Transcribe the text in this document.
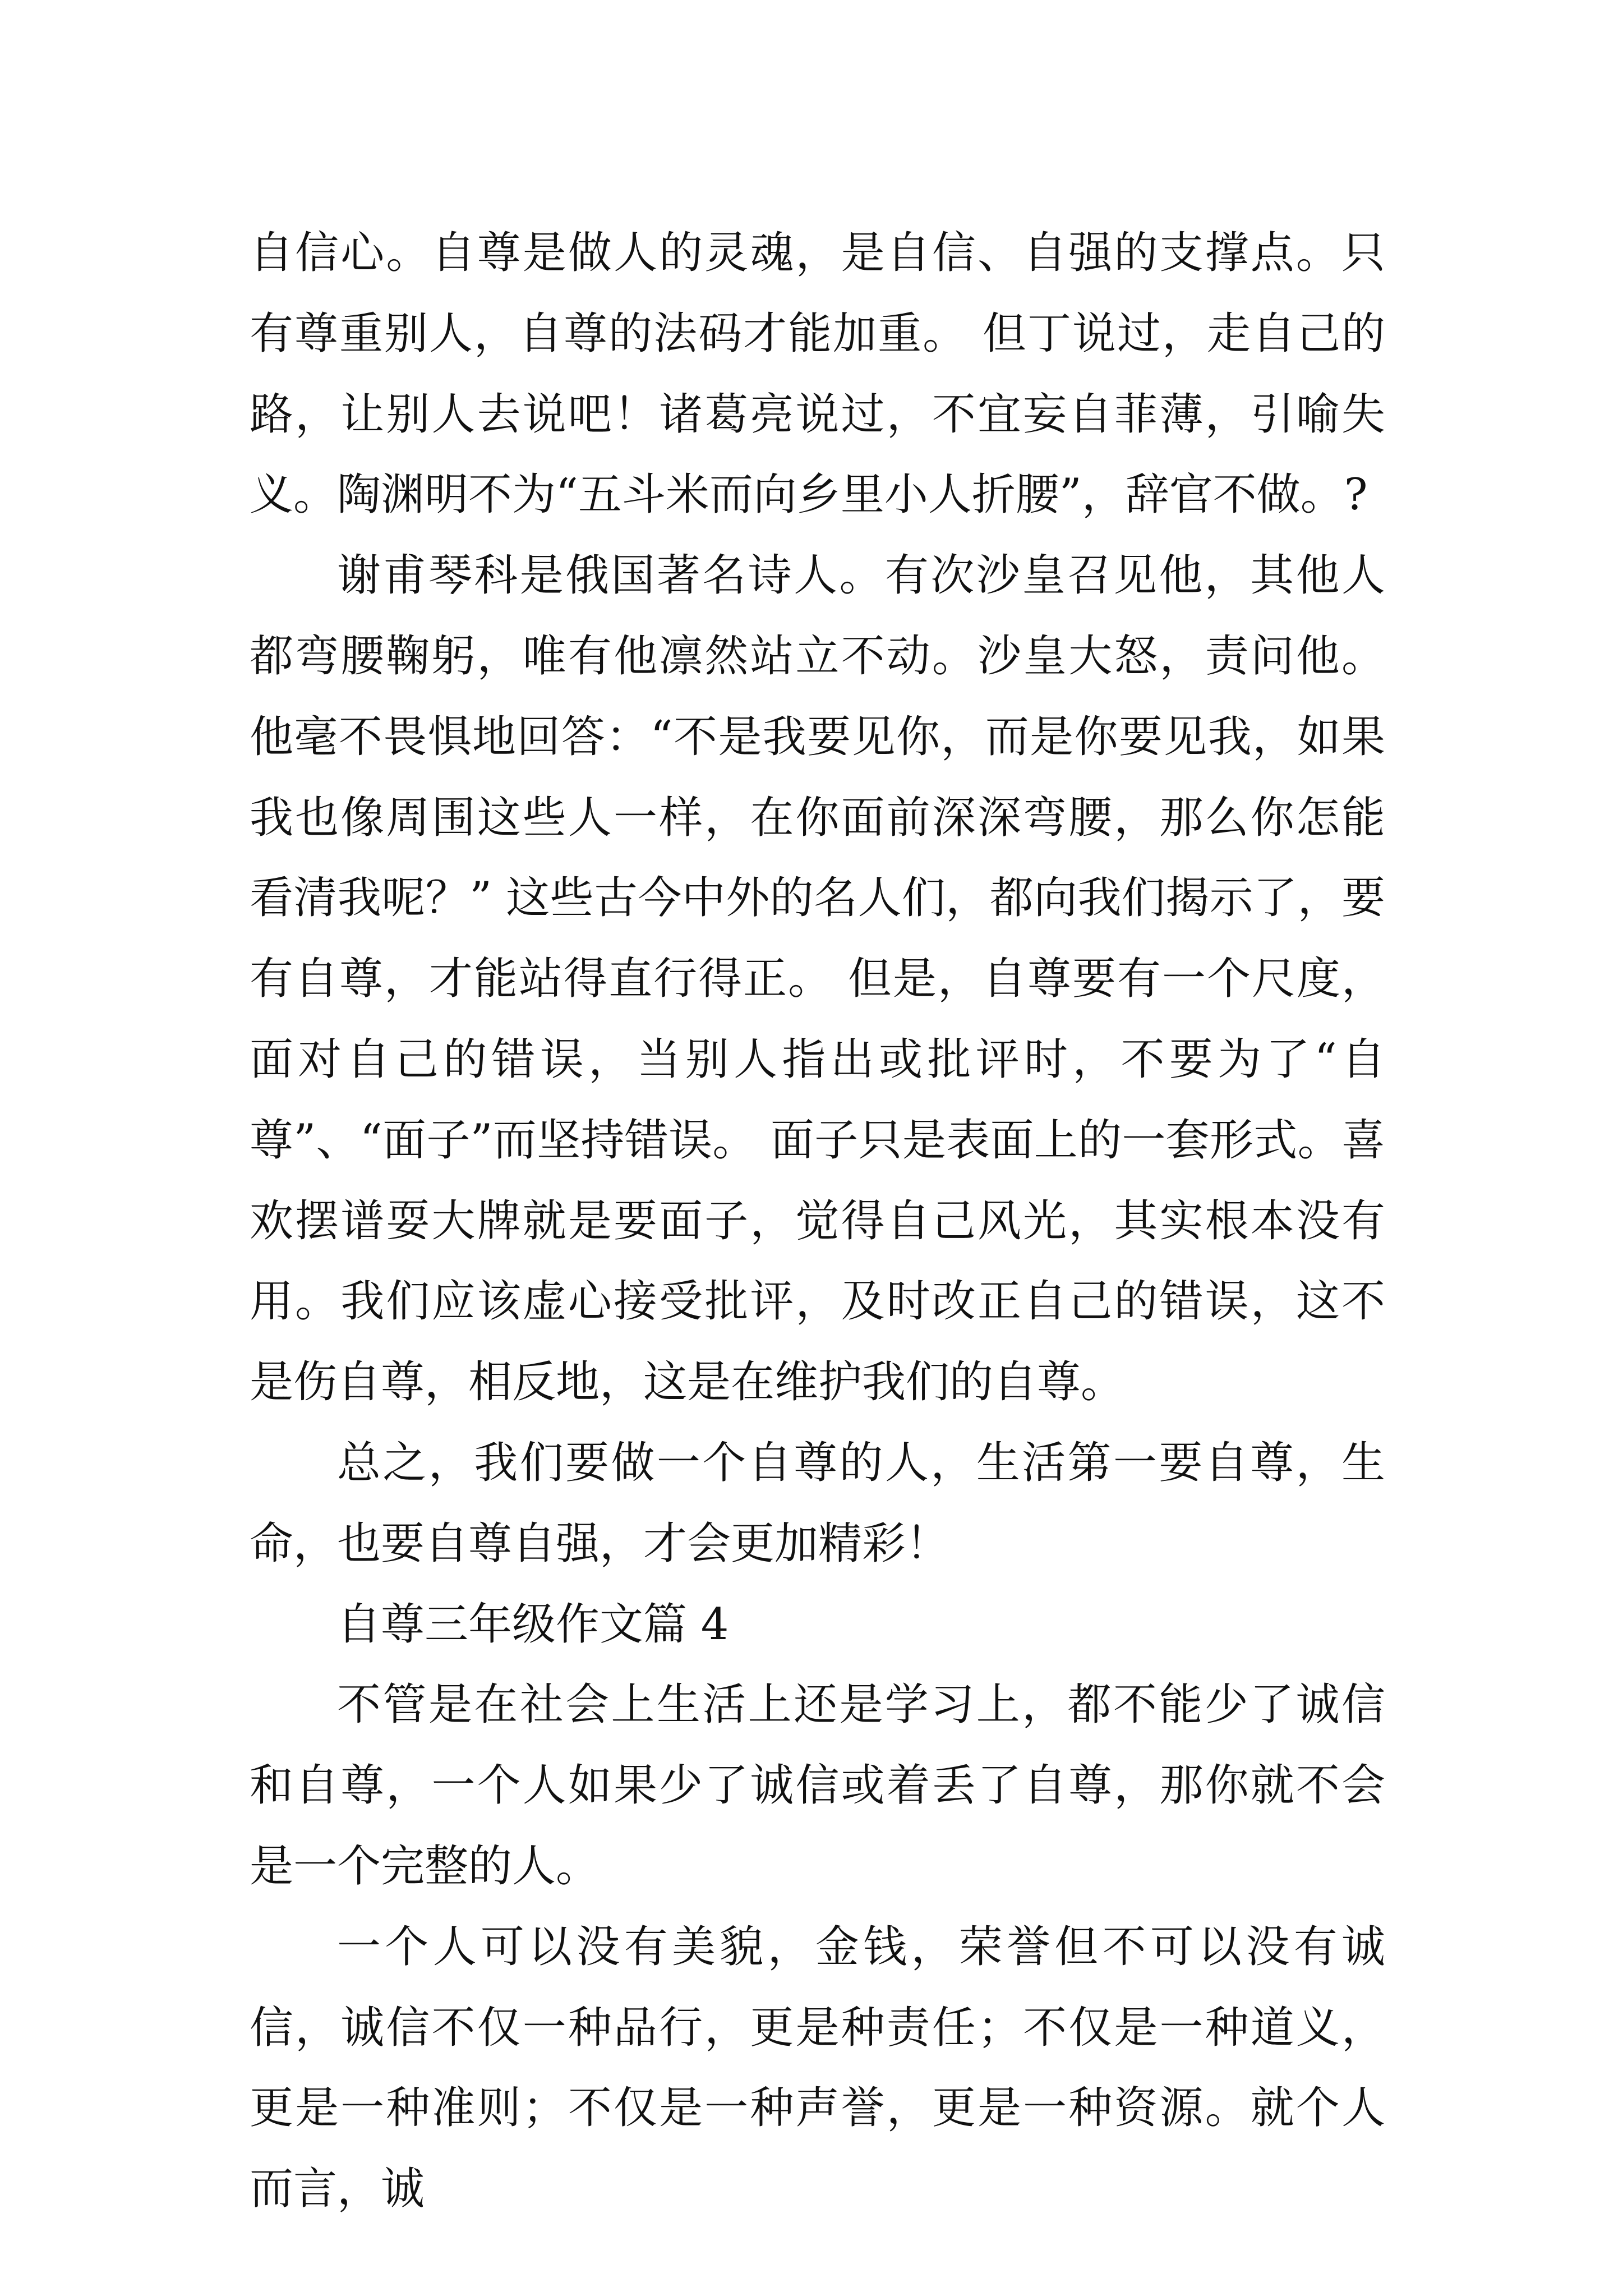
自信心。自尊是做人的灵魂，是自信、自强的支撑点。只有尊重别人，自尊的法码才能加重。 但丁说过，走自己的路，让别人去说吧！诸葛亮说过，不宜妄自菲薄，引喻失义。陶渊明不为“五斗米而向乡里小人折腰”，辞官不做。?

谢甫琴科是俄国著名诗人。有次沙皇召见他，其他人都弯腰鞠躬，唯有他凛然站立不动。沙皇大怒，责问他。他毫不畏惧地回答：“不是我要见你，而是你要见我，如果我也像周围这些人一样，在你面前深深弯腰，那么你怎能看清我呢？” 这些古今中外的名人们，都向我们揭示了，要有自尊，才能站得直行得正。 但是，自尊要有一个尺度，面对自己的错误，当别人指出或批评时，不要为了“自尊”、“面子”而坚持错误。 面子只是表面上的一套形式。喜欢摆谱耍大牌就是要面子，觉得自己风光，其实根本没有用。我们应该虚心接受批评，及时改正自己的错误，这不是伤自尊，相反地，这是在维护我们的自尊。

总之，我们要做一个自尊的人，生活第一要自尊，生命，也要自尊自强，才会更加精彩！

自尊三年级作文篇 4

不管是在社会上生活上还是学习上，都不能少了诚信和自尊，一个人如果少了诚信或着丢了自尊，那你就不会是一个完整的人。

一个人可以没有美貌，金钱，荣誉但不可以没有诚信，诚信不仅一种品行，更是种责任；不仅是一种道义，更是一种准则；不仅是一种声誉，更是一种资源。就个人而言，诚
